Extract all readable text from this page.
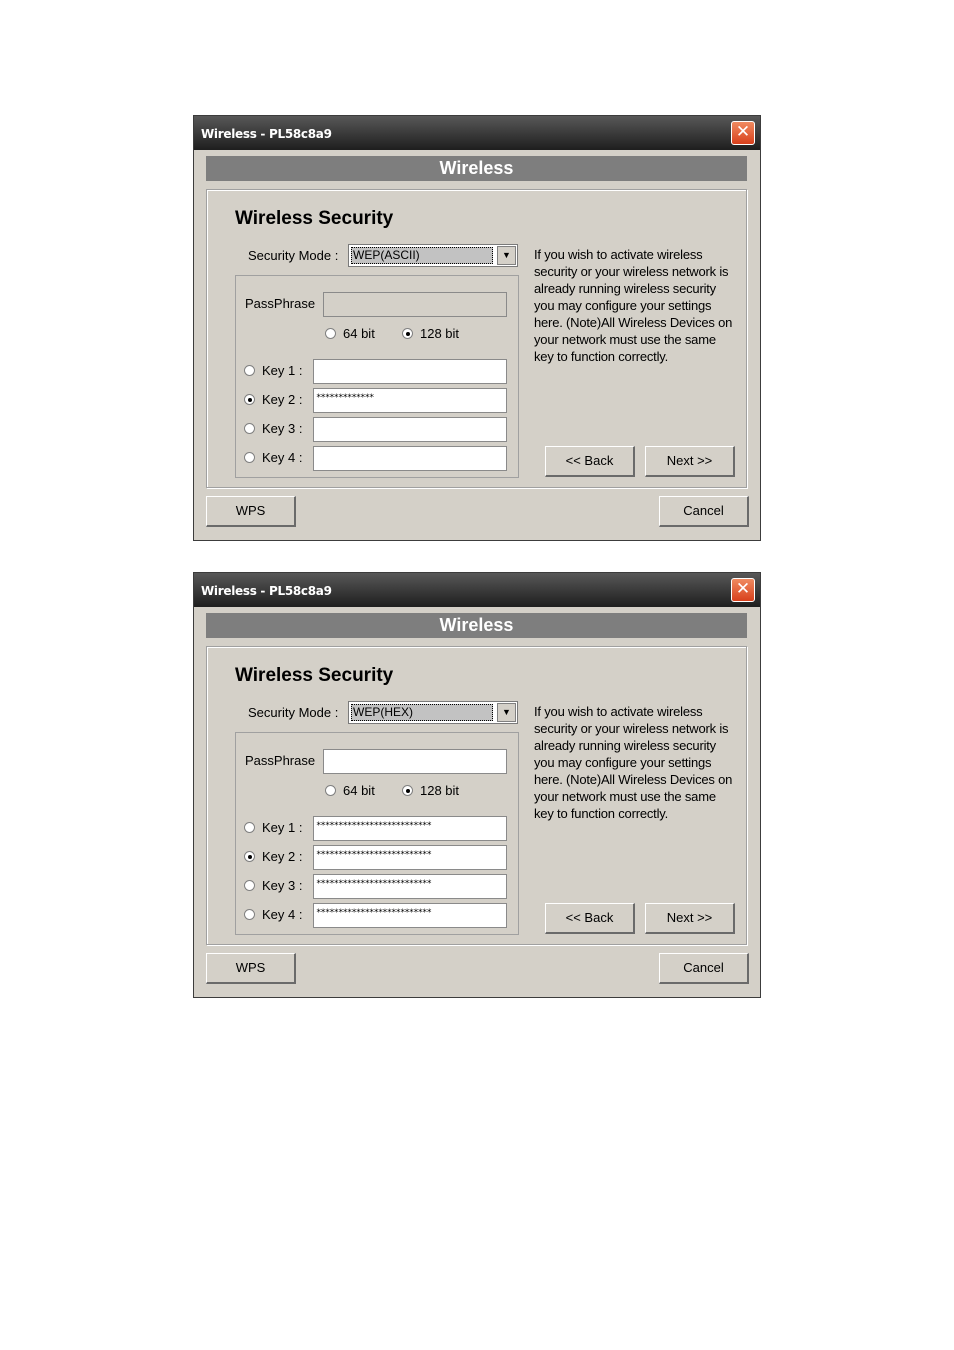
Wireless - PL58c8a9	✕
Wireless
Wireless Security
Security Mode : WEP(ASCII)	▼
PassPhrase
64 bit	128 bit
Key 1 :
Key 2 :	*************
Key 3 :
Key 4 :
If you wish to activate wireless security or your wireless network is already running wireless security you may configure your settings here. (Note)All Wireless Devices on your network must use the same key to function correctly.
<< Back	Next >>
WPS	Cancel
Wireless - PL58c8a9	✕
Wireless
Wireless Security
Security Mode : WEP(HEX)	▼
PassPhrase
64 bit	128 bit
Key 1 :	**************************
Key 2 :	**************************
Key 3 :	**************************
Key 4 :	**************************
If you wish to activate wireless security or your wireless network is already running wireless security you may configure your settings here. (Note)All Wireless Devices on your network must use the same key to function correctly.
<< Back	Next >>
WPS	Cancel
